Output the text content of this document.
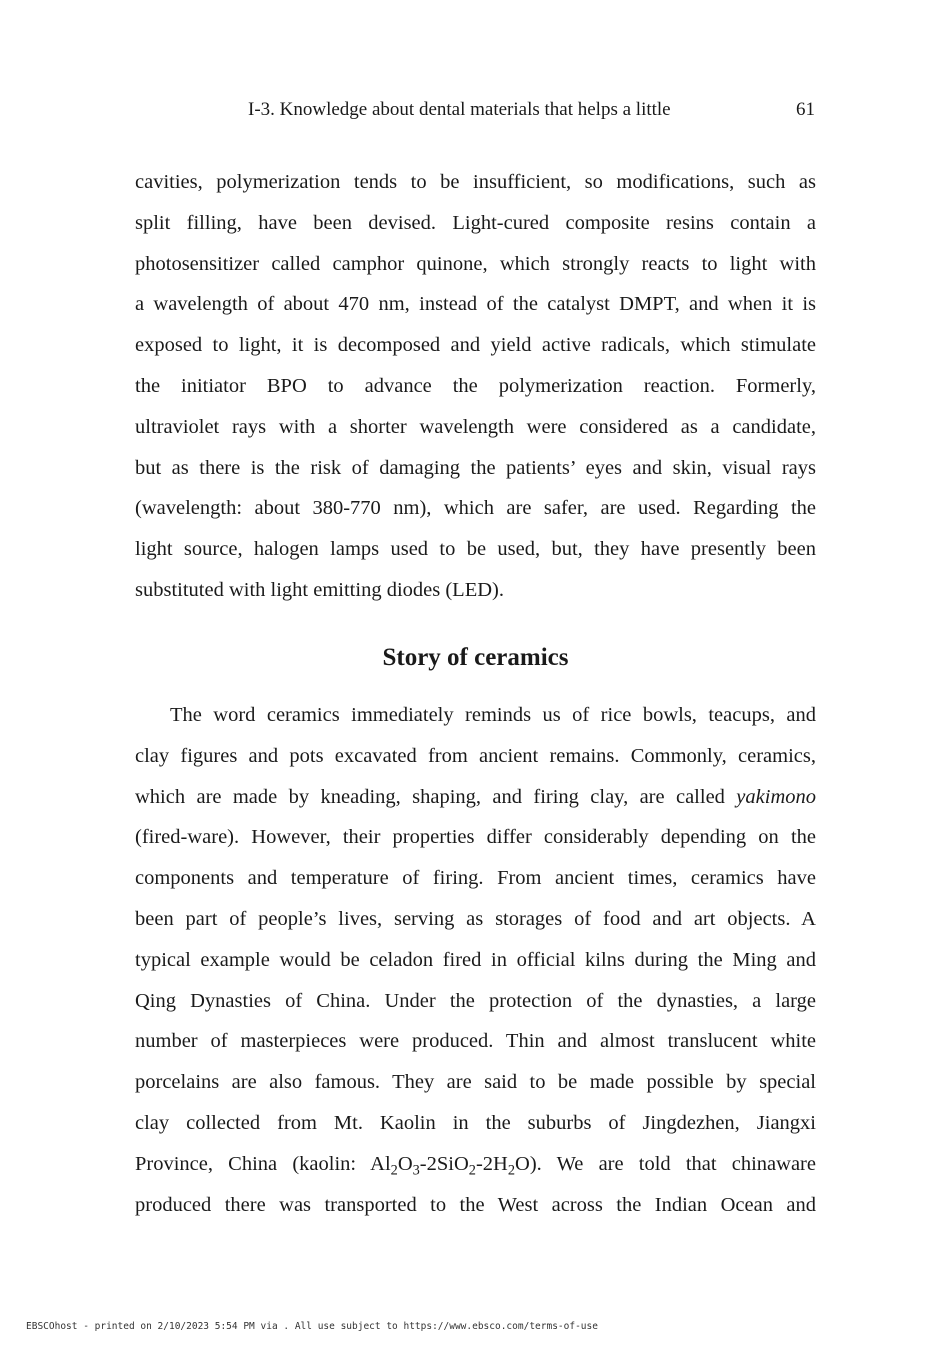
I-3. Knowledge about dental materials that helps a little	61
cavities, polymerization tends to be insufficient, so modifications, such as
split filling, have been devised. Light-cured composite resins contain a
photosensitizer called camphor quinone, which strongly reacts to light with
a wavelength of about 470 nm, instead of the catalyst DMPT, and when it is
exposed to light, it is decomposed and yield active radicals, which stimulate
the initiator BPO to advance the polymerization reaction. Formerly,
ultraviolet rays with a shorter wavelength were considered as a candidate,
but as there is the risk of damaging the patients’ eyes and skin, visual rays
(wavelength: about 380-770 nm), which are safer, are used. Regarding the
light source, halogen lamps used to be used, but, they have presently been
substituted with light emitting diodes (LED).
Story of ceramics
The word ceramics immediately reminds us of rice bowls, teacups, and
clay figures and pots excavated from ancient remains. Commonly, ceramics,
which are made by kneading, shaping, and firing clay, are called yakimono
(fired-ware). However, their properties differ considerably depending on the
components and temperature of firing. From ancient times, ceramics have
been part of people’s lives, serving as storages of food and art objects. A
typical example would be celadon fired in official kilns during the Ming and
Qing Dynasties of China. Under the protection of the dynasties, a large
number of masterpieces were produced. Thin and almost translucent white
porcelains are also famous. They are said to be made possible by special
clay collected from Mt. Kaolin in the suburbs of Jingdezhen, Jiangxi
Province, China (kaolin: $Al_2O_3-2SiO_2-2H_2O$). We are told that chinaware
produced there was transported to the West across the Indian Ocean and
EBSCOhost - printed on 2/10/2023 5:54 PM via . All use subject to https://www.ebsco.com/terms-of-use
